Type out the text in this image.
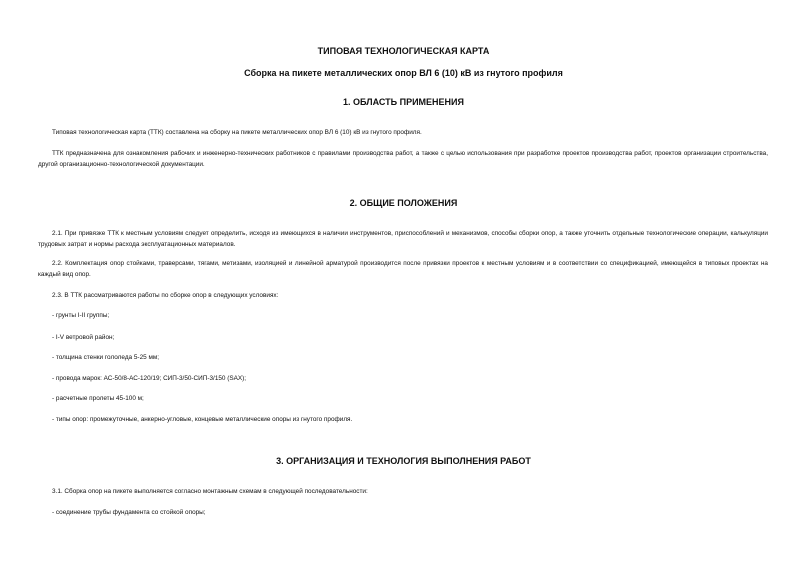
ТИПОВАЯ ТЕХНОЛОГИЧЕСКАЯ КАРТА
Сборка на пикете металлических опор ВЛ 6 (10) кВ из гнутого профиля
1. ОБЛАСТЬ ПРИМЕНЕНИЯ
Типовая технологическая карта (ТТК) составлена на сборку на пикете металлических опор ВЛ 6 (10) кВ из гнутого профиля.
ТТК предназначена для ознакомления рабочих и инженерно-технических работников с правилами производства работ, а также с целью использования при разработке проектов производства работ, проектов организации строительства, другой организационно-технологической документации.
2. ОБЩИЕ ПОЛОЖЕНИЯ
2.1. При привязке ТТК к местным условиям следует определить, исходя из имеющихся в наличии инструментов, приспособлений и механизмов, способы сборки опор, а также уточнить отдельные технологические операции, калькуляции трудовых затрат и нормы расхода эксплуатационных материалов.
2.2. Комплектация опор стойками, траверсами, тягами, метизами, изоляцией и линейной арматурой производится после привязки проектов к местным условиям и в соответствии со спецификацией, имеющейся в типовых проектах на каждый вид опор.
2.3. В ТТК рассматриваются работы по сборке опор в следующих условиях:
- грунты I-II группы;
- I-V ветровой район;
- толщина стенки гололеда 5-25 мм;
- провода марок: АС-50/8-АС-120/19; СИП-3/50-СИП-3/150 (SAX);
- расчетные пролеты 45-100 м;
- типы опор: промежуточные, анкерно-угловые, концевые металлические опоры из гнутого профиля.
3. ОРГАНИЗАЦИЯ И ТЕХНОЛОГИЯ ВЫПОЛНЕНИЯ РАБОТ
3.1. Сборка опор на пикете выполняется согласно монтажным схемам в следующей последовательности:
- соединение трубы фундамента со стойкой опоры;
